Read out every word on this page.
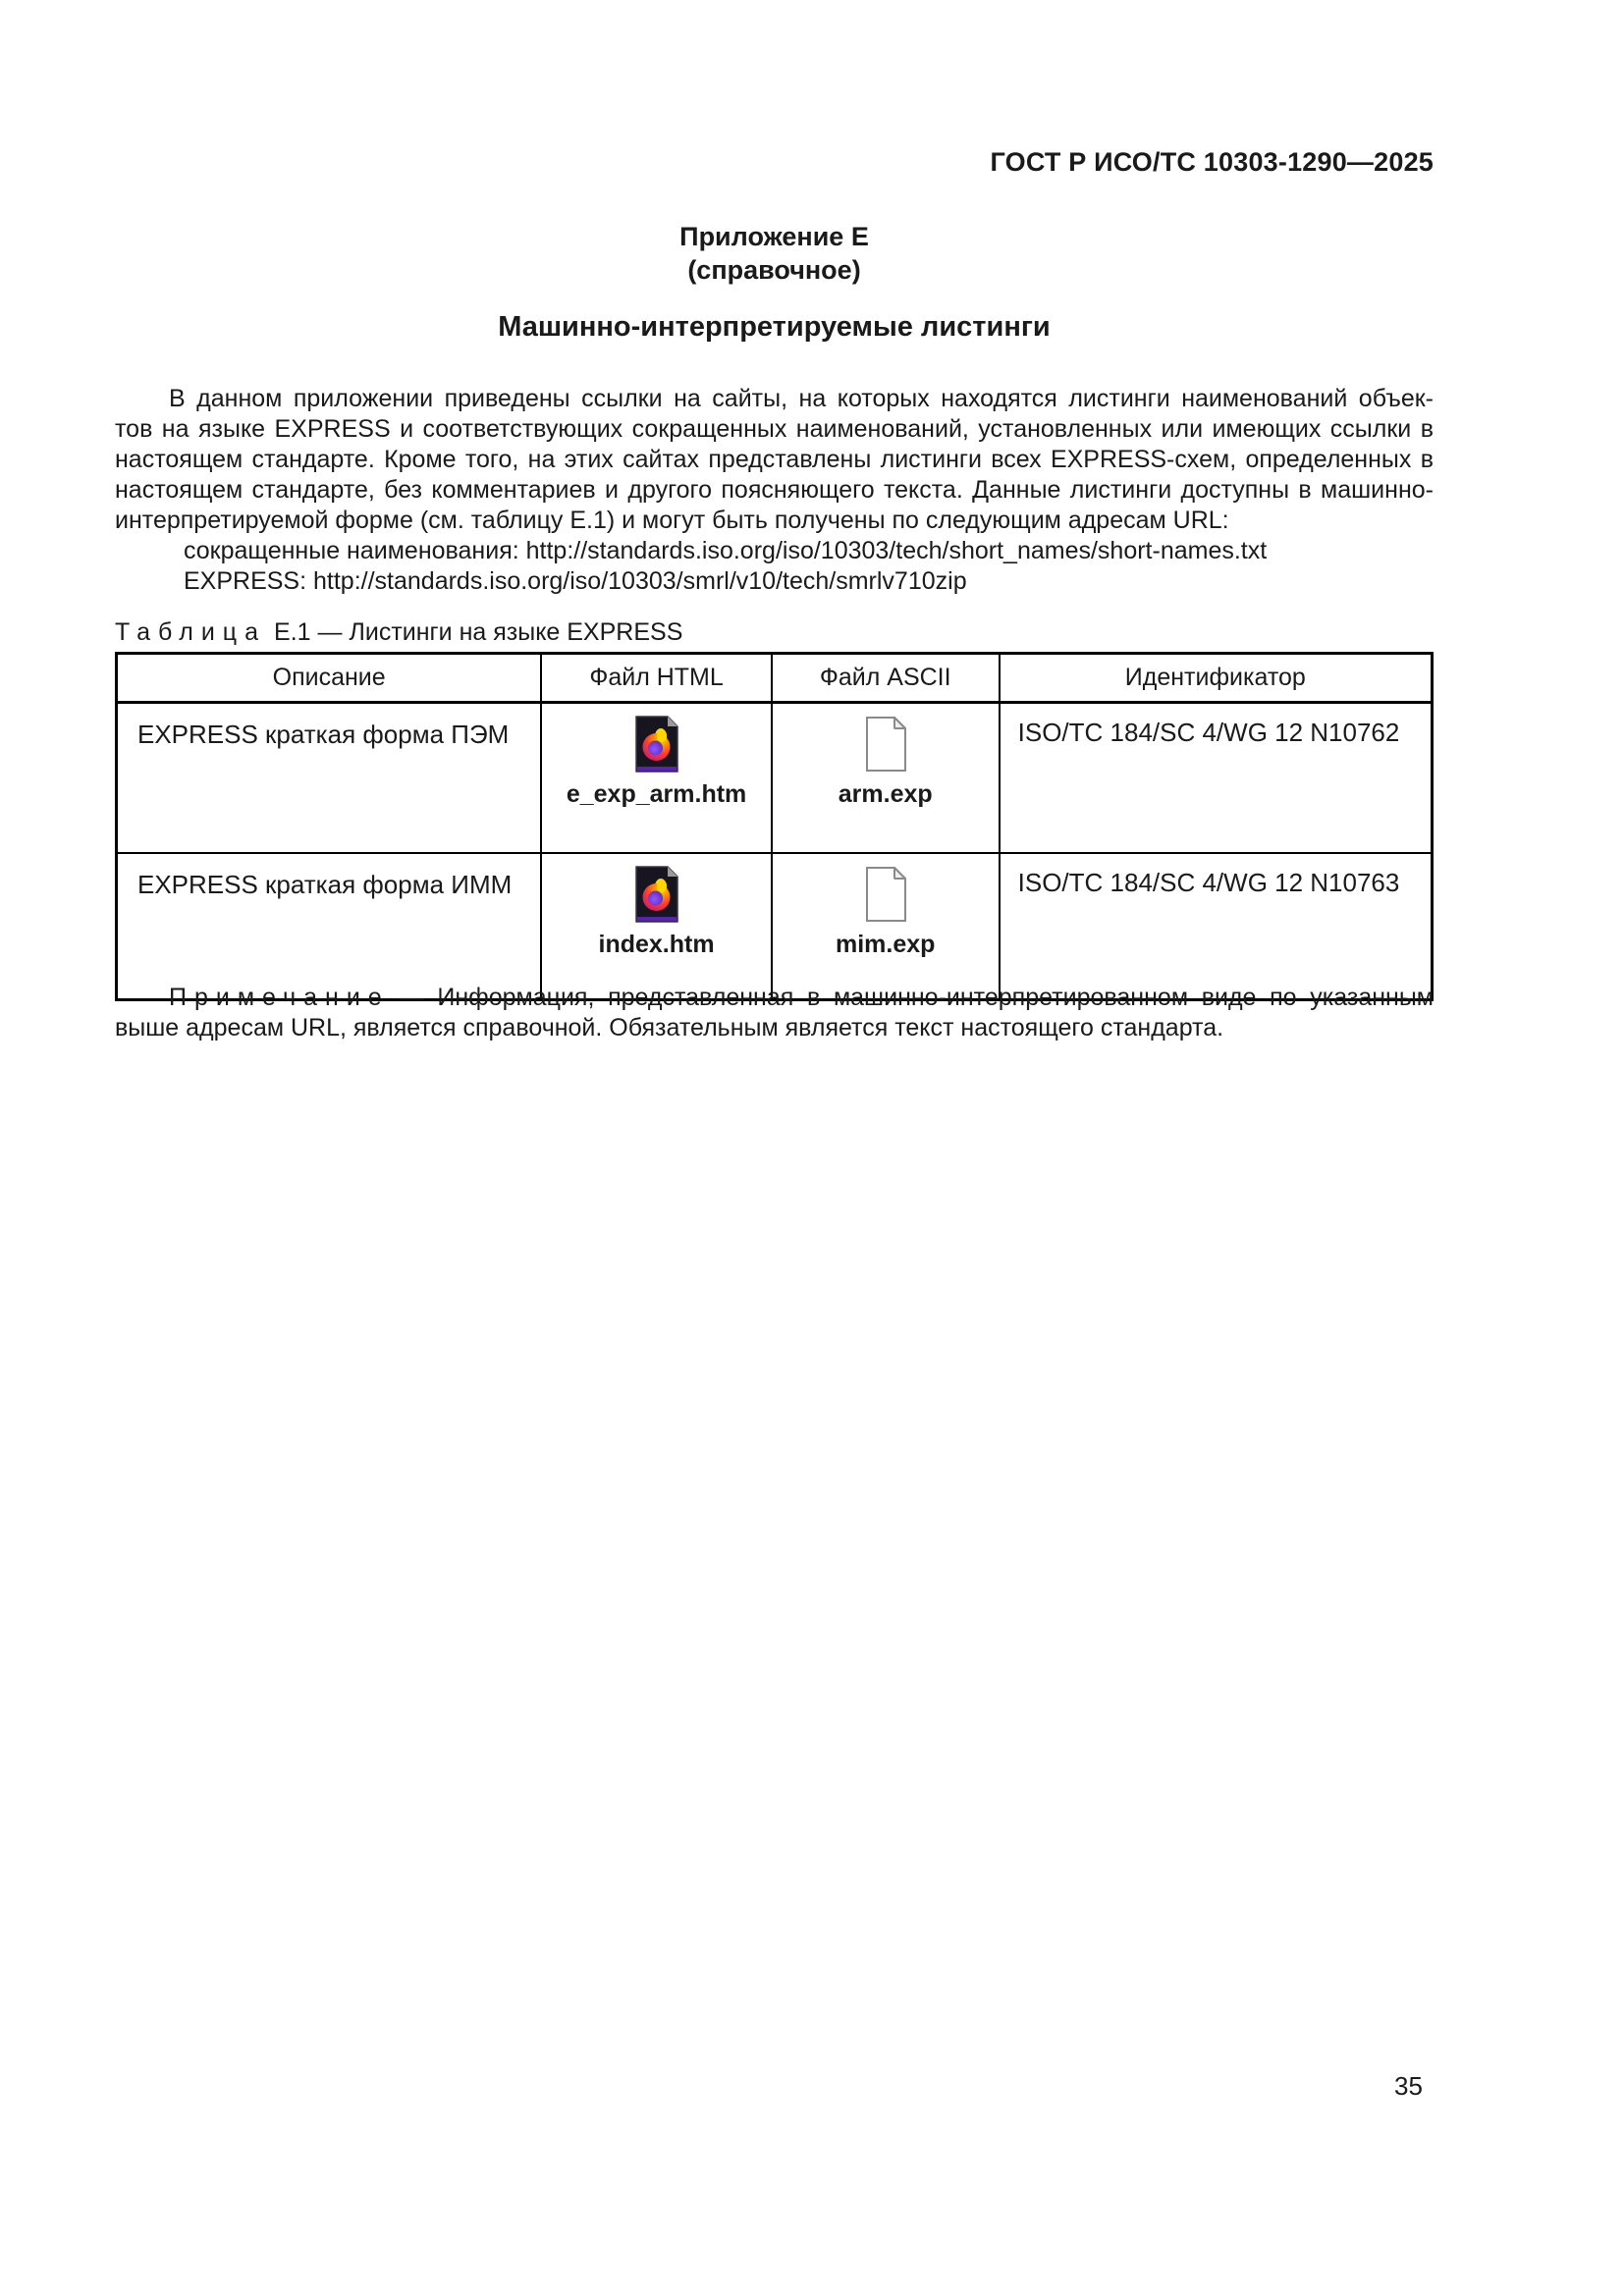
ГОСТ Р ИСО/ТС 10303-1290—2025
Приложение Е
(справочное)
Машинно-интерпретируемые листинги

В данном приложении приведены ссылки на сайты, на которых находятся листинги наименований объек-

тов на языке EXPRESS и соответствующих сокращенных наименований, установленных или имеющих ссылки в

настоящем стандарте. Кроме того, на этих сайтах представлены листинги всех EXPRESS-схем, определенных в

настоящем стандарте, без комментариев и другого поясняющего текста. Данные листинги доступны в машинно-

интерпретируемой форме (см. таблицу Е.1) и могут быть получены по следующим адресам URL:

сокращенные наименования: http://standards.iso.org/iso/10303/tech/short_names/short-names.txt

EXPRESS: http://standards.iso.org/iso/10303/smrl/v10/tech/smrlv710zip

Таблица Е.1 — Листинги на языке EXPRESS
Описание	Файл HTML	Файл ASCII	Идентификатор
EXPRESS краткая форма ПЭМ	e_exp_arm.htm	arm.exp	ISO/TC 184/SC 4/WG 12 N10762
EXPRESS краткая форма ИММ	index.htm	mim.exp	ISO/TC 184/SC 4/WG 12 N10763

Примечание — Информация, представленная в машинно-интерпретированном виде по указанным

выше адресам URL, является справочной. Обязательным является текст настоящего стандарта.

35
